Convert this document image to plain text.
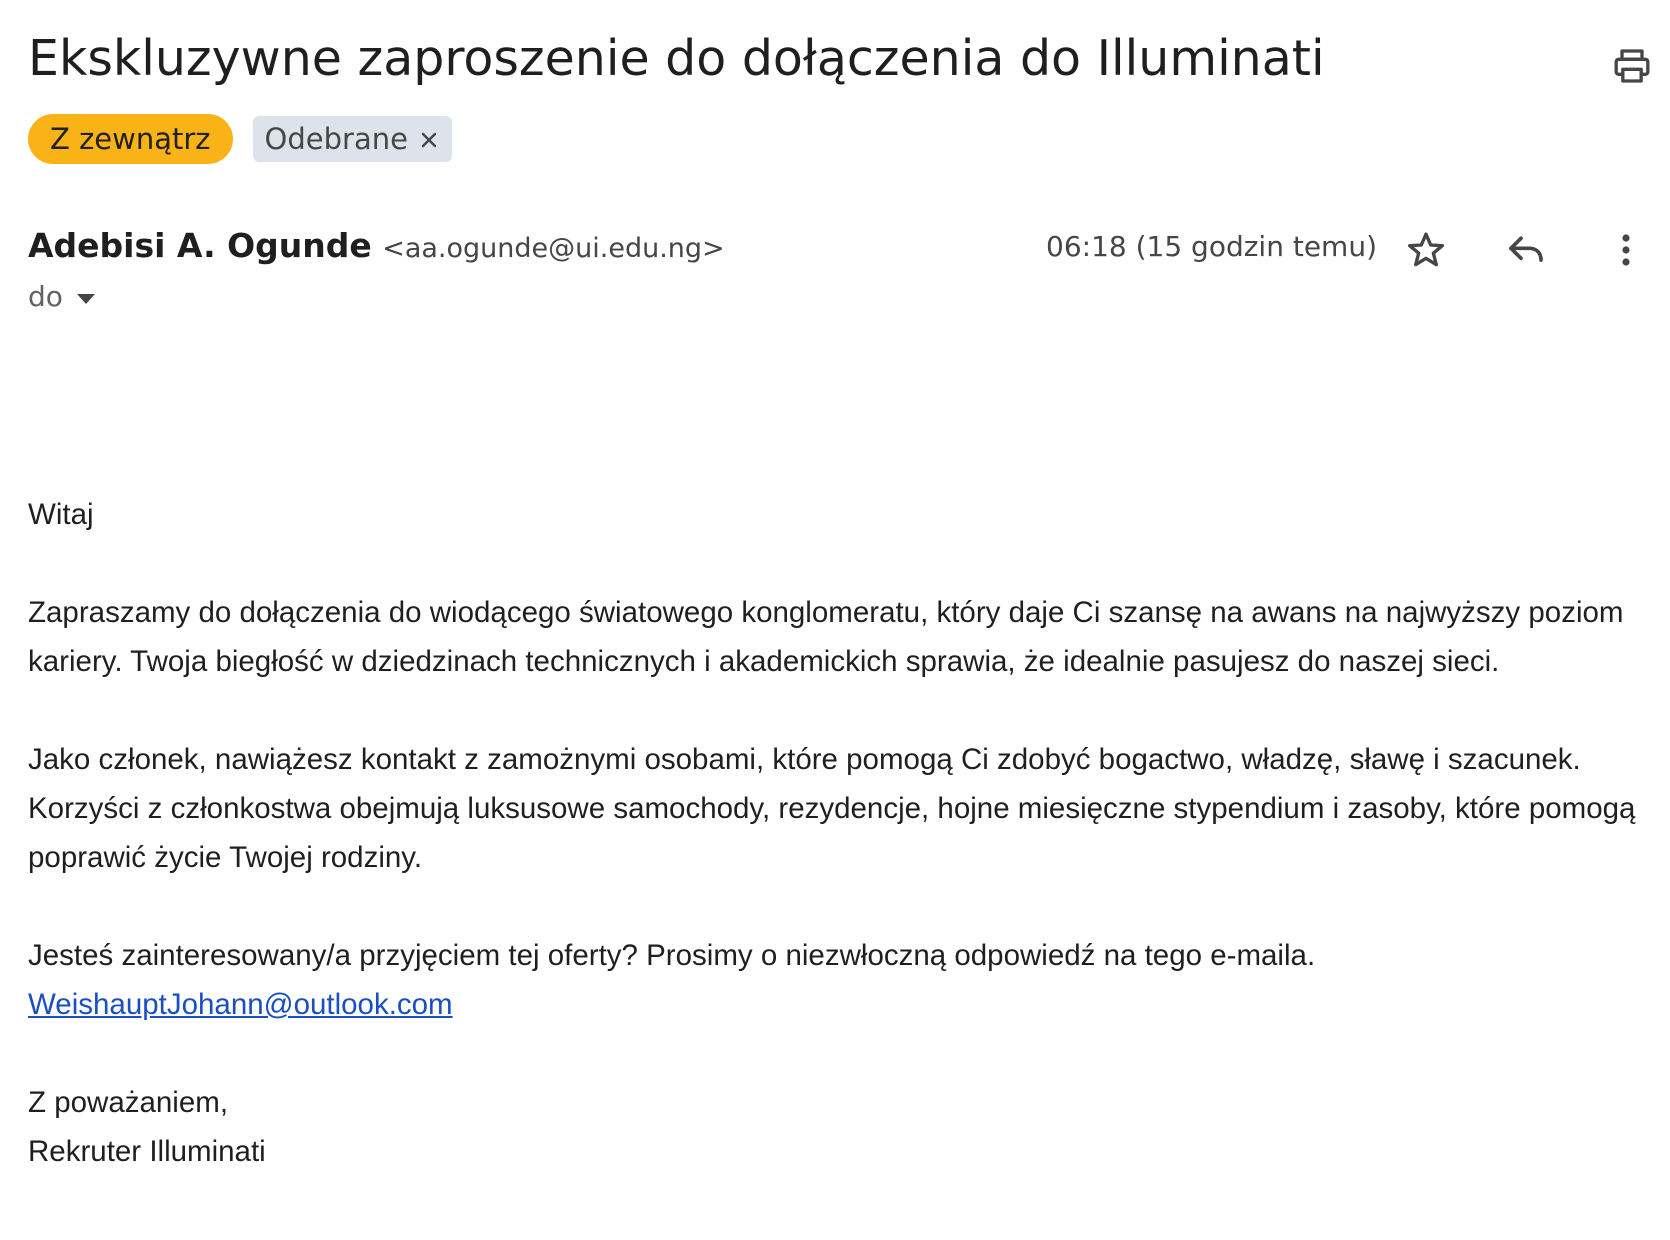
Ekskluzywne zaproszenie do dołączenia do Illuminati
Z zewnątrz	Odebrane
Adebisi A. Ogunde <aa.ogunde@ui.edu.ng>
do
06:18 (15 godzin temu)

Witaj

Zapraszamy do dołączenia do wiodącego światowego konglomeratu, który daje Ci szansę na awans na najwyższy poziom kariery. Twoja biegłość w dziedzinach technicznych i akademickich sprawia, że idealnie pasujesz do naszej sieci.

Jako członek, nawiążesz kontakt z zamożnymi osobami, które pomogą Ci zdobyć bogactwo, władzę, sławę i szacunek. Korzyści z członkostwa obejmują luksusowe samochody, rezydencje, hojne miesięczne stypendium i zasoby, które pomogą poprawić życie Twojej rodziny.

Jesteś zainteresowany/a przyjęciem tej oferty? Prosimy o niezwłoczną odpowiedź na tego e-maila.

WeishauptJohann@outlook.com

Z poważaniem,

Rekruter Illuminati
